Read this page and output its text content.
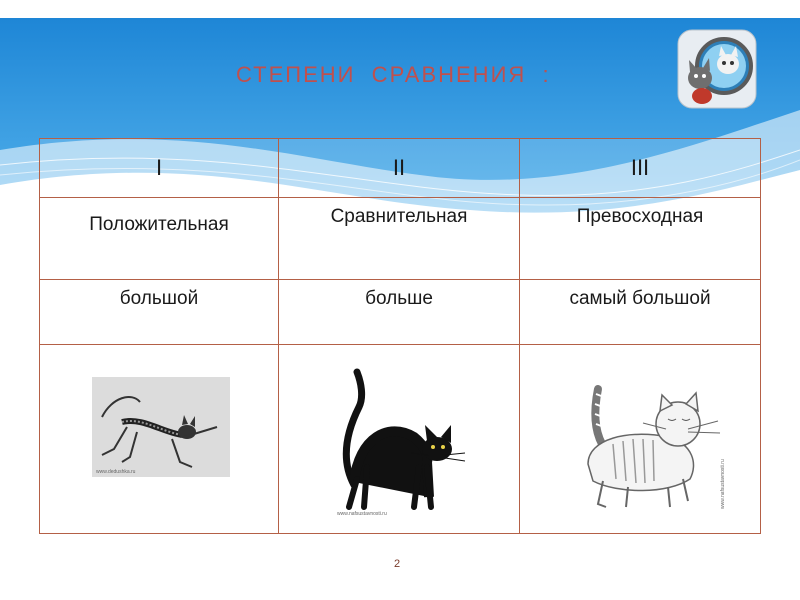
СТЕПЕНИ  СРАВНЕНИЯ  :
I	II	III

Положительная	Сравнительная	Превосходная

большой	больше	самый большой

www.dedushka.ru	www.nafsustavnosti.ru	www.nafsustavnosti.ru
2
